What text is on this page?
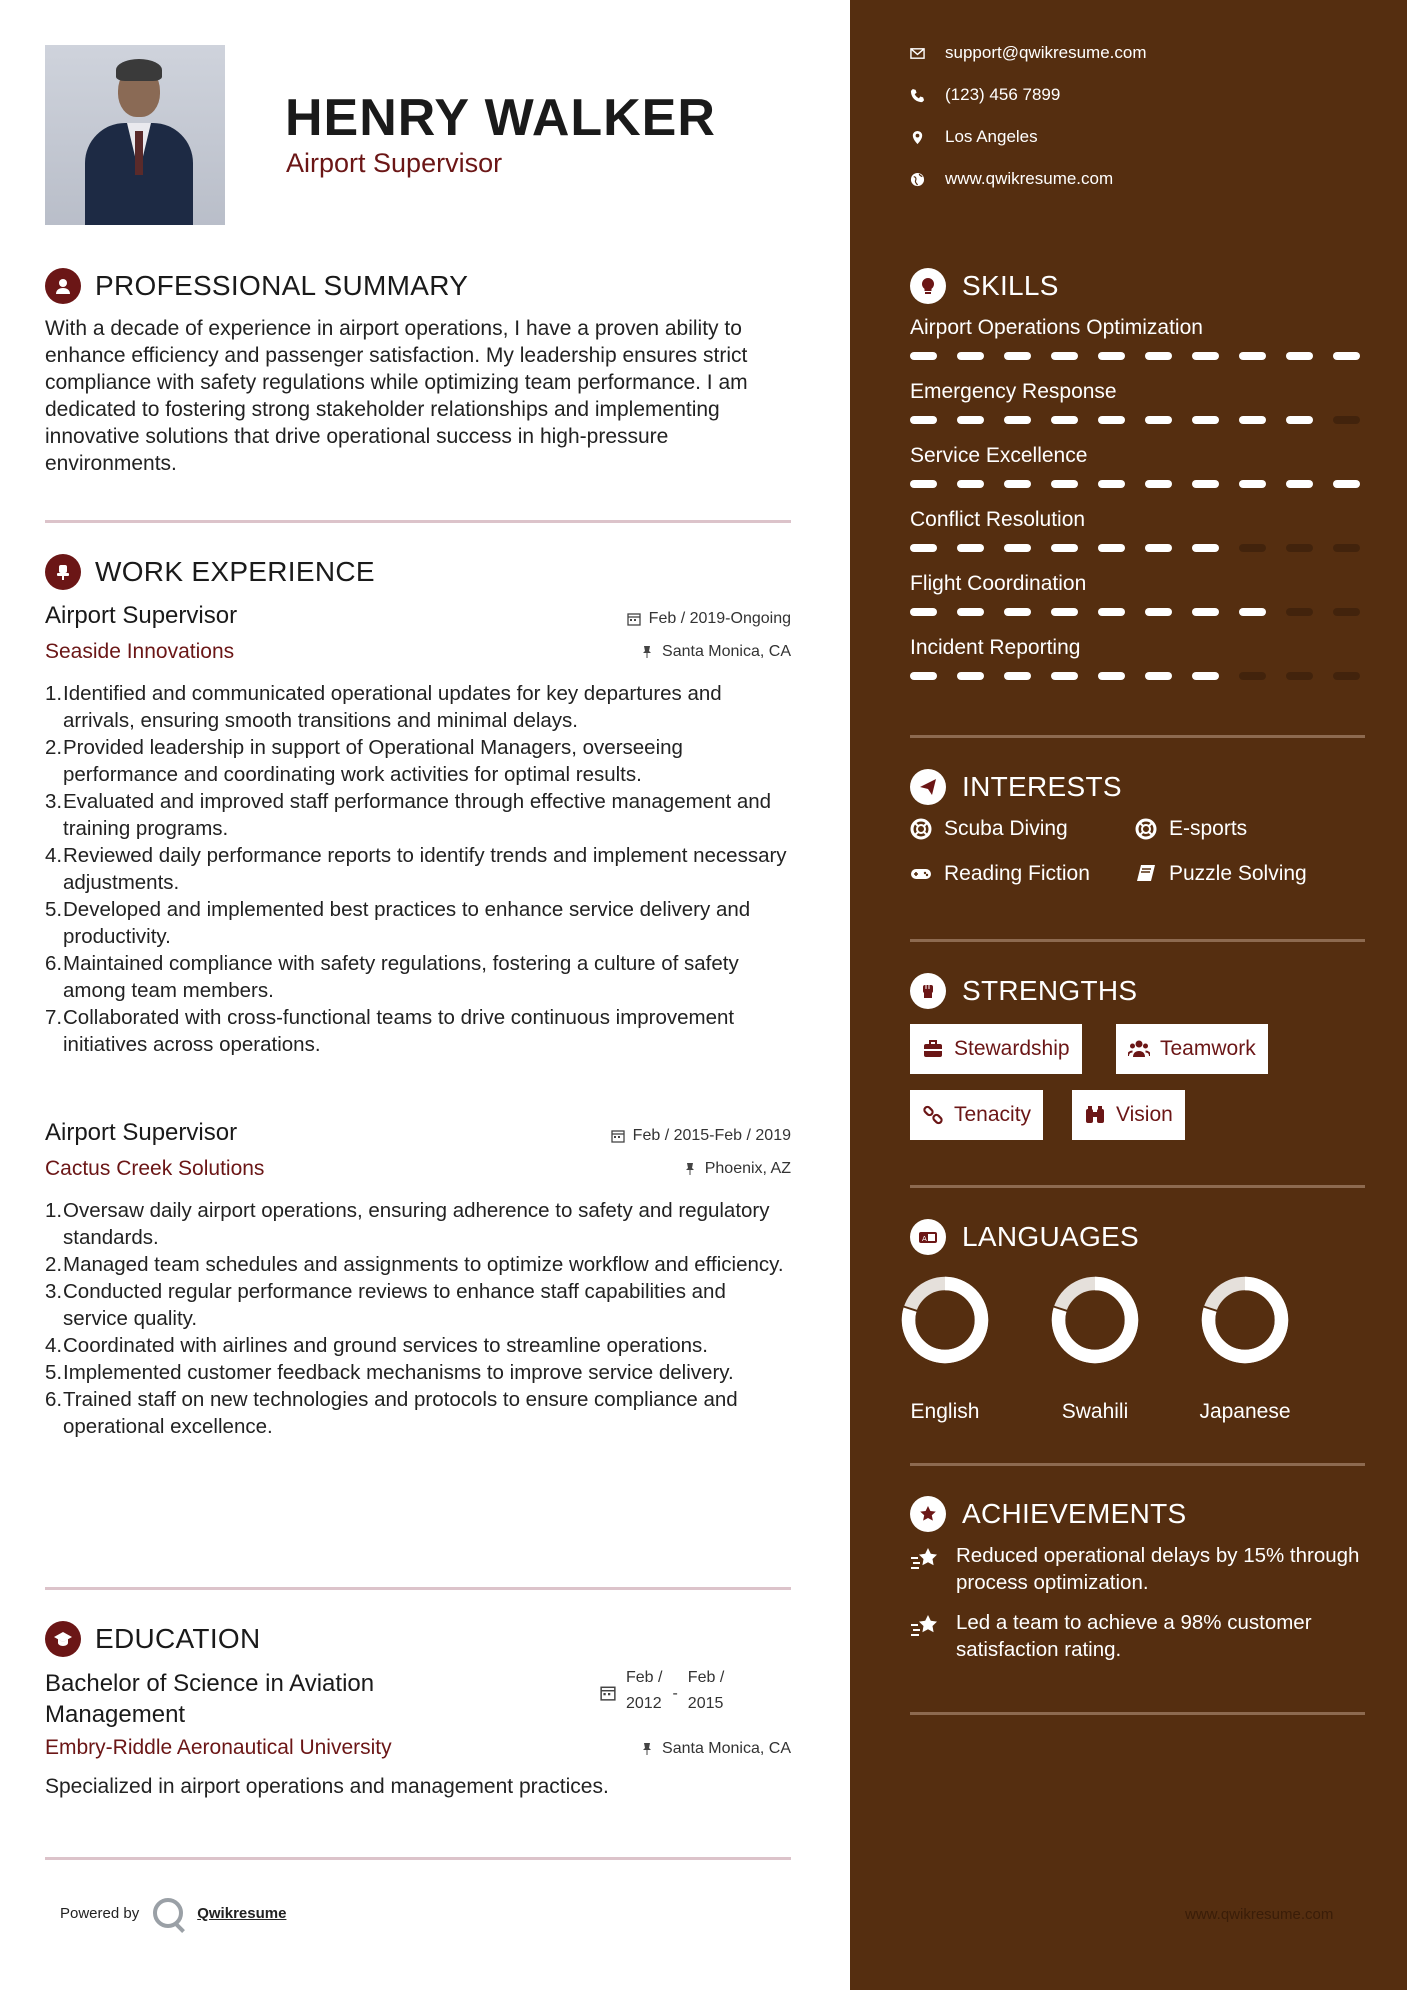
HENRY WALKER
Airport Supervisor
PROFESSIONAL SUMMARY
With a decade of experience in airport operations, I have a proven ability to enhance efficiency and passenger satisfaction. My leadership ensures strict compliance with safety regulations while optimizing team performance. I am dedicated to fostering strong stakeholder relationships and implementing innovative solutions that drive operational success in high-pressure environments.
WORK EXPERIENCE
Airport Supervisor
Seaside Innovations
Feb / 2019-Ongoing
Santa Monica, CA
1. Identified and communicated operational updates for key departures and arrivals, ensuring smooth transitions and minimal delays.
2. Provided leadership in support of Operational Managers, overseeing performance and coordinating work activities for optimal results.
3. Evaluated and improved staff performance through effective management and training programs.
4. Reviewed daily performance reports to identify trends and implement necessary adjustments.
5. Developed and implemented best practices to enhance service delivery and productivity.
6. Maintained compliance with safety regulations, fostering a culture of safety among team members.
7. Collaborated with cross-functional teams to drive continuous improvement initiatives across operations.
Airport Supervisor
Cactus Creek Solutions
Feb / 2015-Feb / 2019
Phoenix, AZ
1. Oversaw daily airport operations, ensuring adherence to safety and regulatory standards.
2. Managed team schedules and assignments to optimize workflow and efficiency.
3. Conducted regular performance reviews to enhance staff capabilities and service quality.
4. Coordinated with airlines and ground services to streamline operations.
5. Implemented customer feedback mechanisms to improve service delivery.
6. Trained staff on new technologies and protocols to ensure compliance and operational excellence.
EDUCATION
Bachelor of Science in Aviation
Management
Feb /
2012
-
Feb /
2015
Embry-Riddle Aeronautical University	Santa Monica, CA
Specialized in airport operations and management practices.
Powered by	Qwikresume
support@qwikresume.com
(123) 456 7899
Los Angeles
www.qwikresume.com
SKILLS
Airport Operations Optimization
Emergency Response
Service Excellence
Conflict Resolution
Flight Coordination
Incident Reporting
INTERESTS
Scuba Diving	E-sports
Reading Fiction	Puzzle Solving
STRENGTHS
Stewardship	Teamwork
Tenacity	Vision
A LANGUAGES
English	Swahili	Japanese
ACHIEVEMENTS
Reduced operational delays by 15% through process optimization.
Led a team to achieve a 98% customer satisfaction rating.
www.qwikresume.com
